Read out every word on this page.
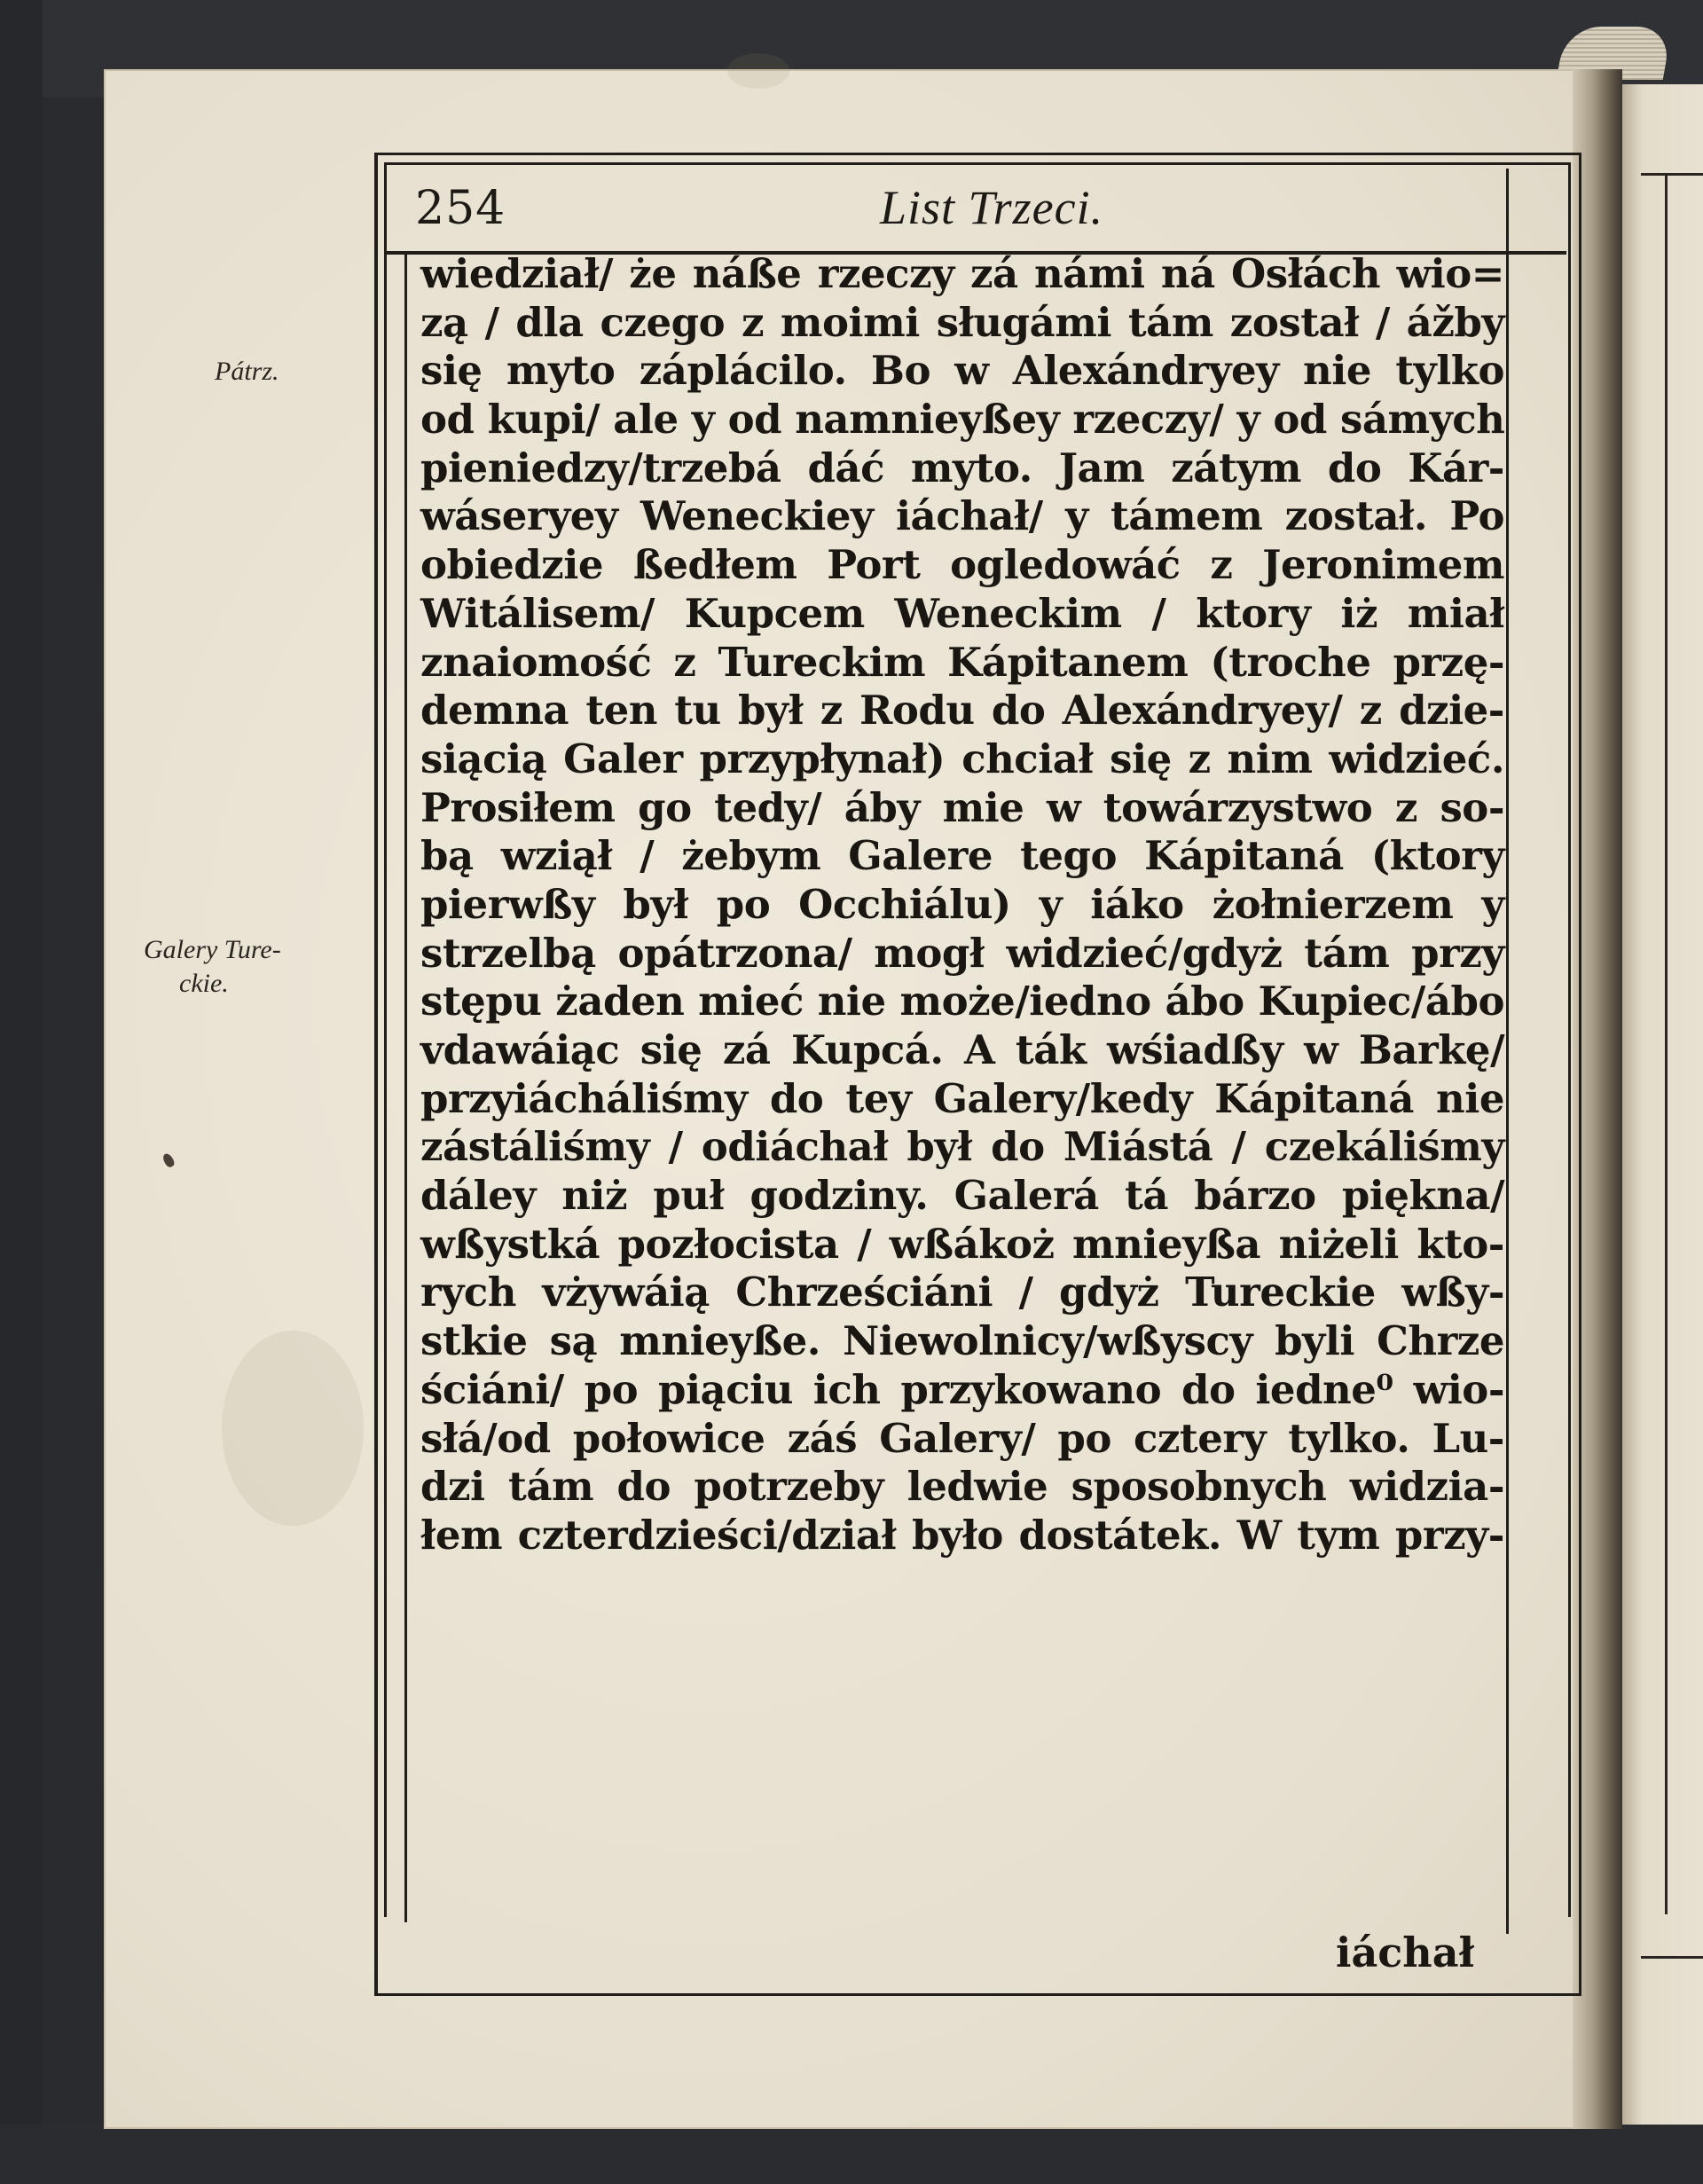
254	List Trzeci.
Pátrz.
Galery Ture-
ckie.
wiedział/ że náße rzeczy zá námi ná Osłách wio=
zą / dla czego z moimi sługámi tám został / ážby
się myto záplácilo. Bo w Alexándryey nie tylko
od kupi/ ale y od namnieyßey rzeczy/ y od sámych
pieniedzy/trzebá dáć myto. Jam zátym do Kár-
wáseryey Weneckiey iáchał/ y támem został. Po
obiedzie ßedłem Port ogledowáć z Jeronimem
Witálisem/ Kupcem Weneckim / ktory iż miał
znaiomość z Tureckim Kápitanem (troche przę-
demna ten tu był z Rodu do Alexándryey/ z dzie-
siącią Galer przypłynał) chciał się z nim widzieć.
Prosiłem go tedy/ áby mie w towárzystwo z so-
bą wziął / żebym Galere tego Kápitaná (ktory
pierwßy był po Occhiálu) y iáko żołnierzem y
strzelbą opátrzona/ mogł widzieć/gdyż tám przy
stępu żaden mieć nie może/iedno ábo Kupiec/ábo
vdawáiąc się zá Kupcá. A ták wśiadßy w Barkę/
przyiácháliśmy do tey Galery/kedy Kápitaná nie
zástáliśmy / odiáchał był do Miástá / czekáliśmy
dáley niż puł godziny. Galerá tá bárzo piękna/
wßystká pozłocista / wßákoż mnieyßa niżeli kto-
rych vżywáią Chrześciáni / gdyż Tureckie wßy-
stkie są mnieyße. Niewolnicy/wßyscy byli Chrze
ściáni/ po piąciu ich przykowano do iedne⁰ wio-
słá/od połowice záś Galery/ po cztery tylko. Lu-
dzi tám do potrzeby ledwie sposobnych widzia-
łem czterdzieści/dział było dostátek. W tym przy-
iáchał
